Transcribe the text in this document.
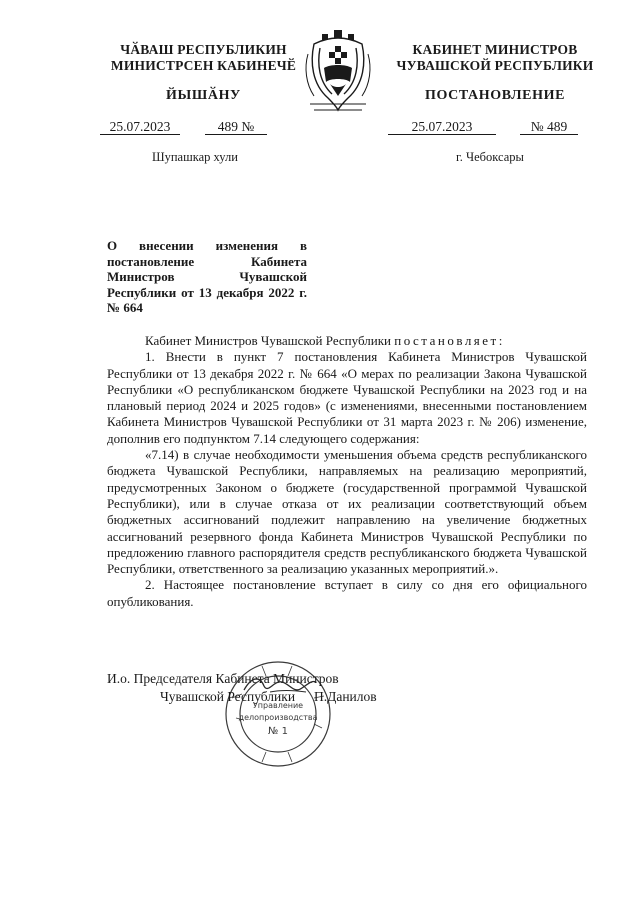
ЧӐВАШ РЕСПУБЛИКИН
МИНИСТРСЕН КАБИНЕЧӖ
ЙЫШӐНУ
КАБИНЕТ МИНИСТРОВ
ЧУВАШСКОЙ РЕСПУБЛИКИ
ПОСТАНОВЛЕНИЕ
25.07.2023	489 №	25.07.2023	№ 489
Шупашкар хули	г. Чебоксары
О внесении изменения в постановление Кабинета Министров Чувашской Республики от 13 декабря 2022 г. № 664

Кабинет Министров Чувашской Республики постановляет:

1. Внести в пункт 7 постановления Кабинета Министров Чувашской Республики от 13 декабря 2022 г. № 664 «О мерах по реализации Закона Чувашской Республики «О республиканском бюджете Чувашской Республики на 2023 год и на плановый период 2024 и 2025 годов» (с изменениями, внесенными постановлением Кабинета Министров Чувашской Республики от 31 марта 2023 г. № 206) изменение, дополнив его подпунктом 7.14 следующего содержания:

«7.14) в случае необходимости уменьшения объема средств республиканского бюджета Чувашской Республики, направляемых на реализацию мероприятий, предусмотренных Законом о бюджете (государственной программой Чувашской Республики), или в случае отказа от их реализации соответствующий объем бюджетных ассигнований подлежит направлению на увеличение бюджетных ассигнований резервного фонда Кабинета Министров Чувашской Республики по предложению главного распорядителя средств республиканского бюджета Чувашской Республики, ответственного за реализацию указанных мероприятий.».

2. Настоящее постановление вступает в силу со дня его официального опубликования.

Управление
делопроизводства
№ 1
И.о. Председателя Кабинета Министров
Чувашской Республики П.Данилов
